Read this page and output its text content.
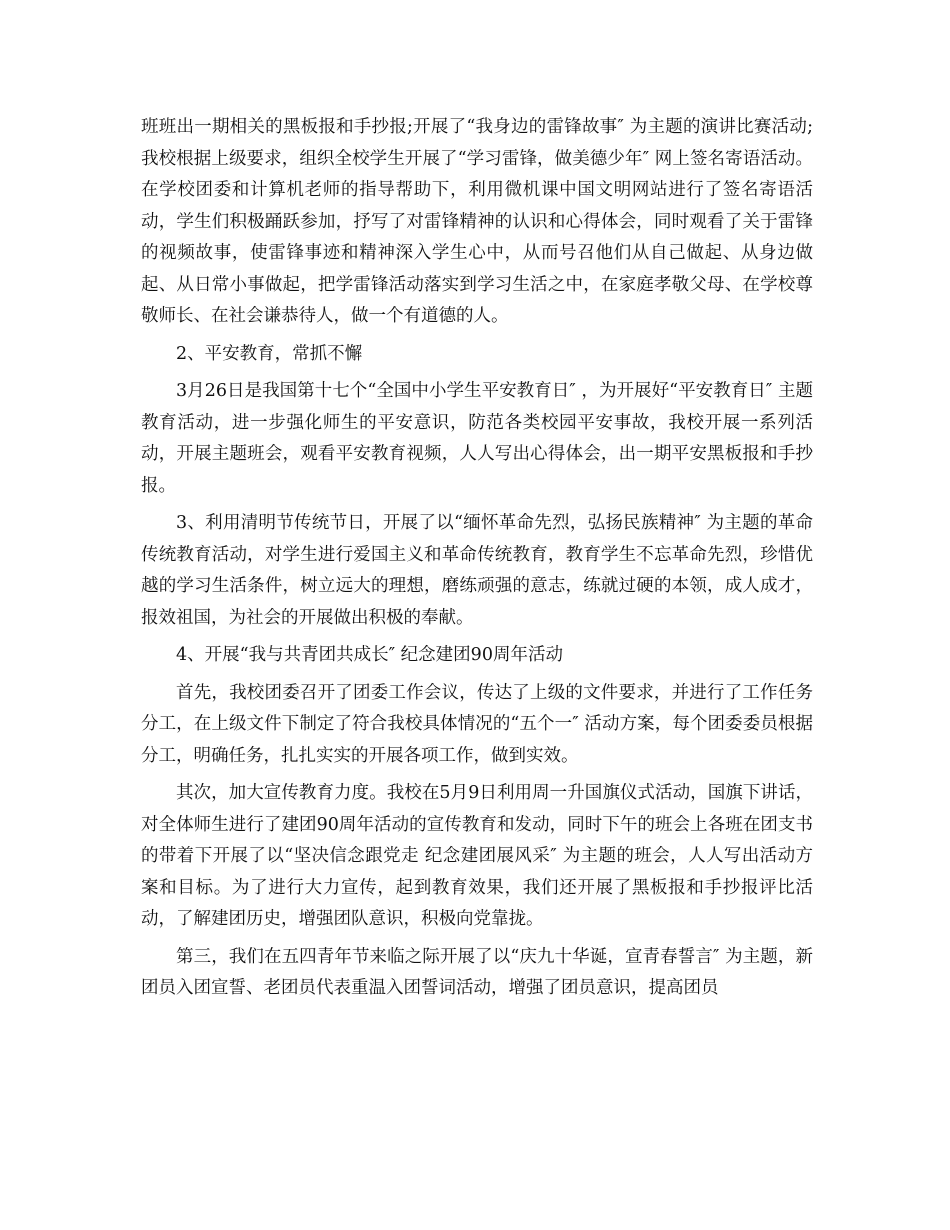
班班出一期相关的黑板报和手抄报;开展了“我身边的雷锋故事″ 为主题的演讲比赛活动;我校根据上级要求，组织全校学生开展了“学习雷锋，做美德少年″ 网上签名寄语活动。在学校团委和计算机老师的指导帮助下，利用微机课中国文明网站进行了签名寄语活动，学生们积极踊跃参加，抒写了对雷锋精神的认识和心得体会，同时观看了关于雷锋的视频故事，使雷锋事迹和精神深入学生心中，从而号召他们从自己做起、从身边做起、从日常小事做起，把学雷锋活动落实到学习生活之中，在家庭孝敬父母、在学校尊敬师长、在社会谦恭待人，做一个有道德的人。

2、平安教育，常抓不懈

3月26日是我国第十七个“全国中小学生平安教育日″ ，为开展好“平安教育日″ 主题教育活动，进一步强化师生的平安意识，防范各类校园平安事故，我校开展一系列活动，开展主题班会，观看平安教育视频，人人写出心得体会，出一期平安黑板报和手抄报。

3、利用清明节传统节日，开展了以“缅怀革命先烈，弘扬民族精神″ 为主题的革命传统教育活动，对学生进行爱国主义和革命传统教育，教育学生不忘革命先烈，珍惜优越的学习生活条件，树立远大的理想，磨练顽强的意志，练就过硬的本领，成人成才，报效祖国，为社会的开展做出积极的奉献。

4、开展“我与共青团共成长″ 纪念建团90周年活动

首先，我校团委召开了团委工作会议，传达了上级的文件要求，并进行了工作任务分工，在上级文件下制定了符合我校具体情况的“五个一″ 活动方案，每个团委委员根据分工，明确任务，扎扎实实的开展各项工作，做到实效。

其次，加大宣传教育力度。我校在5月9日利用周一升国旗仪式活动，国旗下讲话，对全体师生进行了建团90周年活动的宣传教育和发动，同时下午的班会上各班在团支书的带着下开展了以“坚决信念跟党走 纪念建团展风采″ 为主题的班会，人人写出活动方案和目标。为了进行大力宣传，起到教育效果，我们还开展了黑板报和手抄报评比活动，了解建团历史，增强团队意识，积极向党靠拢。

第三，我们在五四青年节来临之际开展了以“庆九十华诞，宣青春誓言″ 为主题，新团员入团宣誓、老团员代表重温入团誓词活动，增强了团员意识，提高团员
